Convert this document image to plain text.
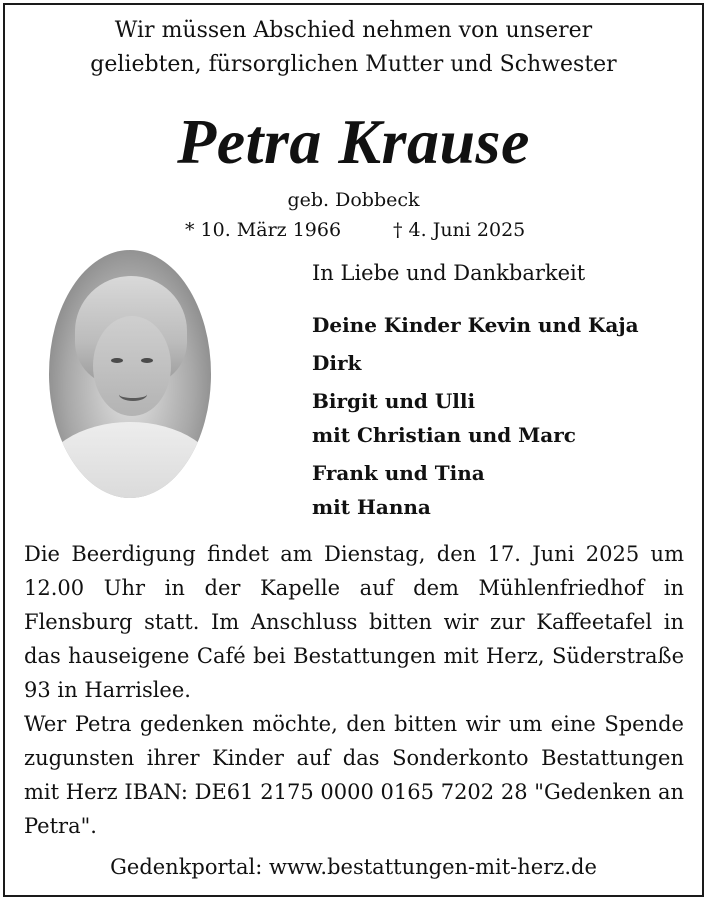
Wir müssen Abschied nehmen von unserer
geliebten, fürsorglichen Mutter und Schwester
Petra Krause
geb. Dobbeck
* 10. März 1966	† 4. Juni 2025
In Liebe und Dankbarkeit
Deine Kinder Kevin und Kaja
Dirk
Birgit und Ulli
mit Christian und Marc
Frank und Tina
mit Hanna

Die Beerdigung findet am Dienstag, den 17. Juni 2025 um 12.00 Uhr in der Kapelle auf dem Mühlenfriedhof in Flensburg statt. Im Anschluss bitten wir zur Kaffeetafel in das hauseigene Café bei Bestattungen mit Herz, Süderstraße 93 in Harrislee.

Wer Petra gedenken möchte, den bitten wir um eine Spende zugunsten ihrer Kinder auf das Sonderkonto Bestattungen mit Herz IBAN: DE61 2175 0000 0165 7202 28 "Gedenken an Petra".

Gedenkportal: www.bestattungen-mit-herz.de
